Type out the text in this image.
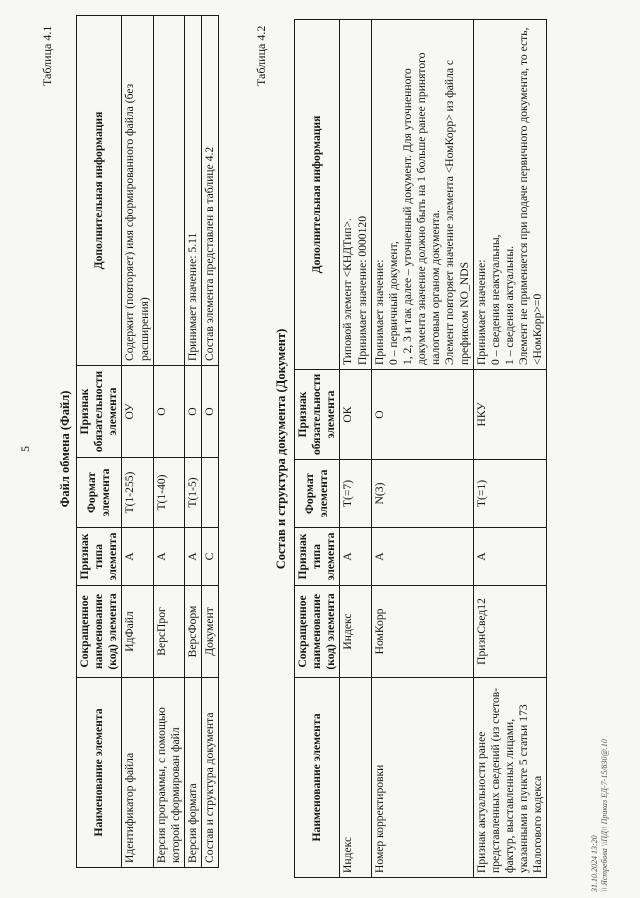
5
Таблица 4.1
Файл обмена (Файл)
Наименование элемента	Сокращенное наименование (код) элемента	Признак типа элемента	Формат элемента	Признак обязательности элемента	Дополнительная информация
Идентификатор файла	ИдФайл	А	T(1-255)	ОУ	Содержит (повторяет) имя сформированного файла (без расширения)
Версия программы, с помощью которой сформирован файл	ВерсПрог	А	T(1-40)	О	
Версия формата	ВерсФорм	А	T(1-5)	О	Принимает значение: 5.11
Состав и структура документа	Документ	С		О	Состав элемента представлен в таблице 4.2
Таблица 4.2
Состав и структура документа (Документ)
Наименование элемента	Сокращенное наименование (код) элемента	Признак типа элемента	Формат элемента	Признак обязательности элемента	Дополнительная информация
Индекс	Индекс	А	T(=7)	ОК	Типовой элемент <КНДТип>.
Принимает значение: 0000120
Номер корректировки	НомКорр	А	N(3)	О	Принимает значение:
0 – первичный документ,
1, 2, 3 и так далее – уточненный документ. Для уточненного документа значение должно быть на 1 больше ранее принятого налоговым органом документа.
Элемент повторяет значение элемента <НомКорр> из файла с префиксом NO_NDS
Признак актуальности ранее представленных сведений (из счетов-фактур, выставленных лицами, указанными в пункте 5 статьи 173 Налогового кодекса	ПризнСвед12	А	T(=1)	НКУ	Принимает значение:
0 – сведения неактуальны,
1 – сведения актуальны.
Элемент не применяется при подаче первичного документа, то есть, <НомКорр>=0
31.10.2024 13:20 \\ Ястребова \\ПД\\ Приказ ЕД-7-15/830@.10
